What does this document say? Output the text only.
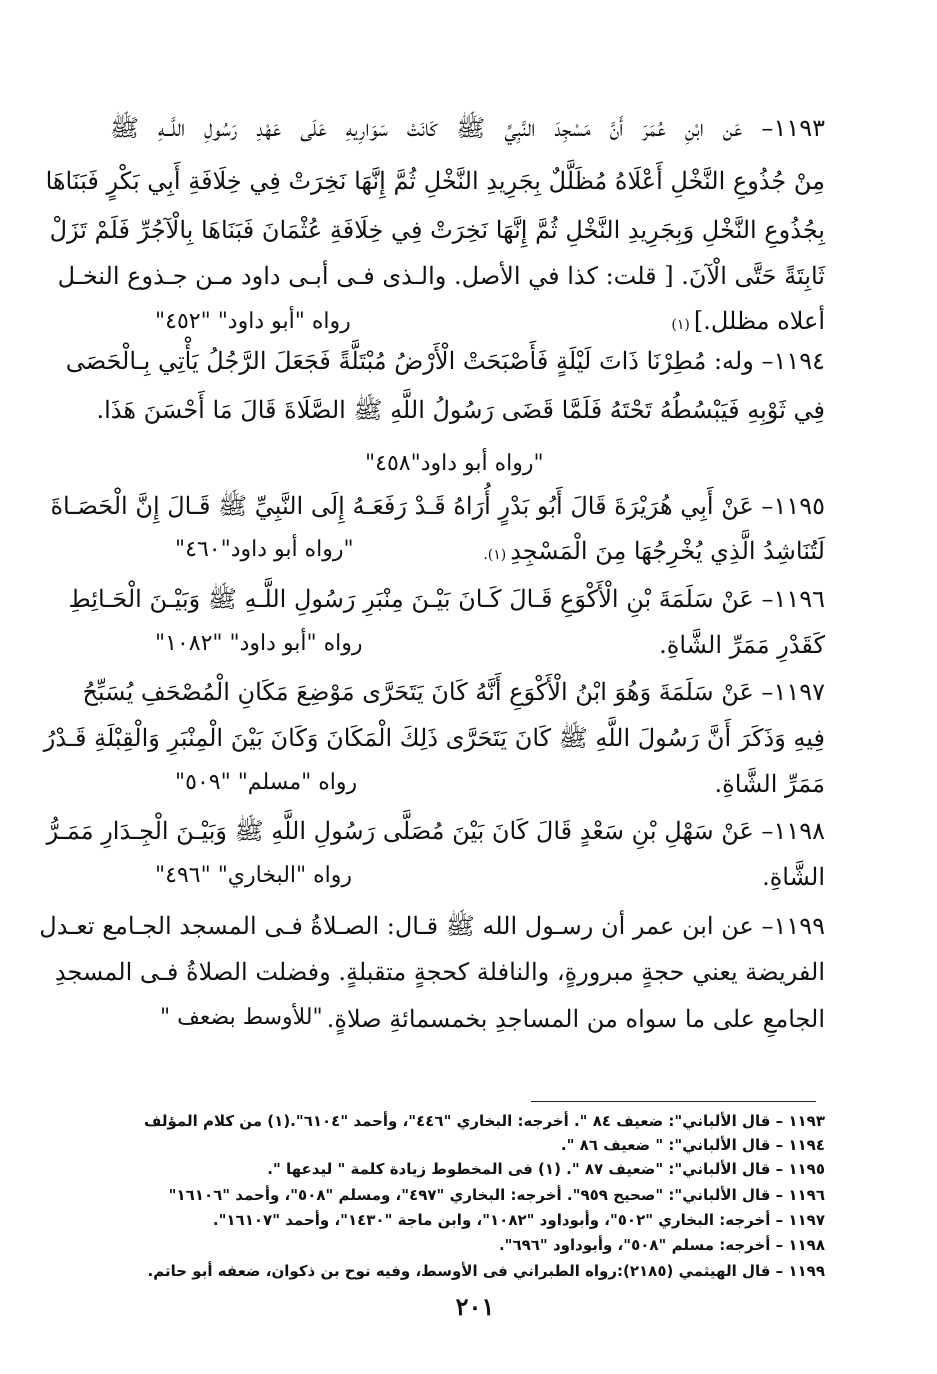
١١٩٣– عَن ابْنِ عُمَرَ أَنَّ مَسْجِدَ النَّبِيِّ ﷺ كَانَتْ سَوَارِيهِ عَلَى عَهْدِ رَسُولِ اللَّــهِ ﷺ
مِنْ جُذُوعِ النَّخْلِ أَعْلَاهُ مُظَلَّلٌ بِجَرِيدِ النَّخْلِ ثُمَّ إِنَّهَا نَخِرَتْ فِي خِلَافَةِ أَبِي بَكْرٍ فَبَنَاهَا
بِجُذُوعِ النَّخْلِ وَبِجَرِيدِ النَّخْلِ ثُمَّ إِنَّهَا نَخِرَتْ فِي خِلَافَةِ عُثْمَانَ فَبَنَاهَا بِالْآجُرِّ فَلَمْ تَزَلْ
ثَابِتَةً حَتَّى الْآنَ. [ قلت: كذا في الأصل. والـذى فـى أبـى داود مـن جـذوع النخـل
أعلاه مظلل.](١)
رواه "أبو داود" "٤٥٢"
١١٩٤– وله: مُطِرْنَا ذَاتَ لَيْلَةٍ فَأَصْبَحَتْ الْأَرْضُ مُبْتَلَّةً فَجَعَلَ الرَّجُلُ يَأْتِي بِـالْحَصَى
فِي ثَوْبِهِ فَيَبْسُطُهُ تَحْتَهُ فَلَمَّا قَضَى رَسُولُ اللَّهِ ﷺ الصَّلَاةَ قَالَ مَا أَحْسَنَ هَذَا.
"رواه أبو داود"٤٥٨"
١١٩٥– عَنْ أَبِي هُرَيْرَةَ قَالَ أَبُو بَدْرٍ أُرَاهُ قَـدْ رَفَعَـهُ إِلَى النَّبِيِّ ﷺ قَـالَ إِنَّ الْحَصَـاةَ
لَتُنَاشِدُ الَّذِي يُخْرِجُهَا مِنَ الْمَسْجِدِ(١).
"رواه أبو داود"٤٦٠"
١١٩٦– عَنْ سَلَمَةَ بْنِ الْأَكْوَعِ قَـالَ كَـانَ بَيْـنَ مِنْبَرِ رَسُولِ اللَّـهِ ﷺ وَبَيْـنَ الْحَـائِطِ
كَقَدْرِ مَمَرِّ الشَّاةِ.
رواه "أبو داود" "١٠٨٢"
١١٩٧– عَنْ سَلَمَةَ وَهُوَ ابْنُ الْأَكْوَعِ أَنَّهُ كَانَ يَتَحَرَّى مَوْضِعَ مَكَانِ الْمُصْحَفِ يُسَبِّحُ
فِيهِ وَذَكَرَ أَنَّ رَسُولَ اللَّهِ ﷺ كَانَ يَتَحَرَّى ذَلِكَ الْمَكَانَ وَكَانَ بَيْنَ الْمِنْبَرِ وَالْقِبْلَةِ قَـدْرُ
مَمَرِّ الشَّاةِ.
رواه "مسلم" "٥٠٩"
١١٩٨– عَنْ سَهْلِ بْنِ سَعْدٍ قَالَ كَانَ بَيْنَ مُصَلَّى رَسُولِ اللَّهِ ﷺ وَبَيْـنَ الْجِـدَارِ مَمَـرُّ
الشَّاةِ.
رواه "البخاري" "٤٩٦"
١١٩٩– عن ابن عمر أن رسـول الله ﷺ قـال: الصـلاةُ فـى المسجد الجـامع تعـدل
الفريضة يعني حجةٍ مبرورةٍ، والنافلة كحجةٍ متقبلةٍ. وفضلت الصلاةُ فـى المسجدِ
الجامعِ على ما سواه من المساجدِ بخمسمائةِ صلاةٍ.
"للأوسط بضعف "
١١٩٣ – قال الألباني": ضعيف ٨٤ ". أخرجه: البخاري "٤٤٦"، وأحمد "٦١٠٤".(١) من كلام المؤلف
١١٩٤ – قال الألباني": " ضعيف ٨٦ ".
١١٩٥ – قال الألباني": "ضعيف ٨٧ ". (١) فى المخطوط زيادة كلمة " ليدعها ".
١١٩٦ – قال الألباني": "صحيح ٩٥٩". أخرجه: البخاري "٤٩٧"، ومسلم "٥٠٨"، وأحمد "١٦١٠٦"
١١٩٧ – أخرجه: البخاري "٥٠٢"، وأبوداود "١٠٨٢"، وابن ماجة "١٤٣٠"، وأحمد "١٦١٠٧".
١١٩٨ – أخرجه: مسلم "٥٠٨"، وأبوداود "٦٩٦".
١١٩٩ – قال الهيثمي (٢١٨٥):رواه الطبراني فى الأوسط، وفيه نوح بن ذكوان، ضعفه أبو حاتم.
٢٠١
